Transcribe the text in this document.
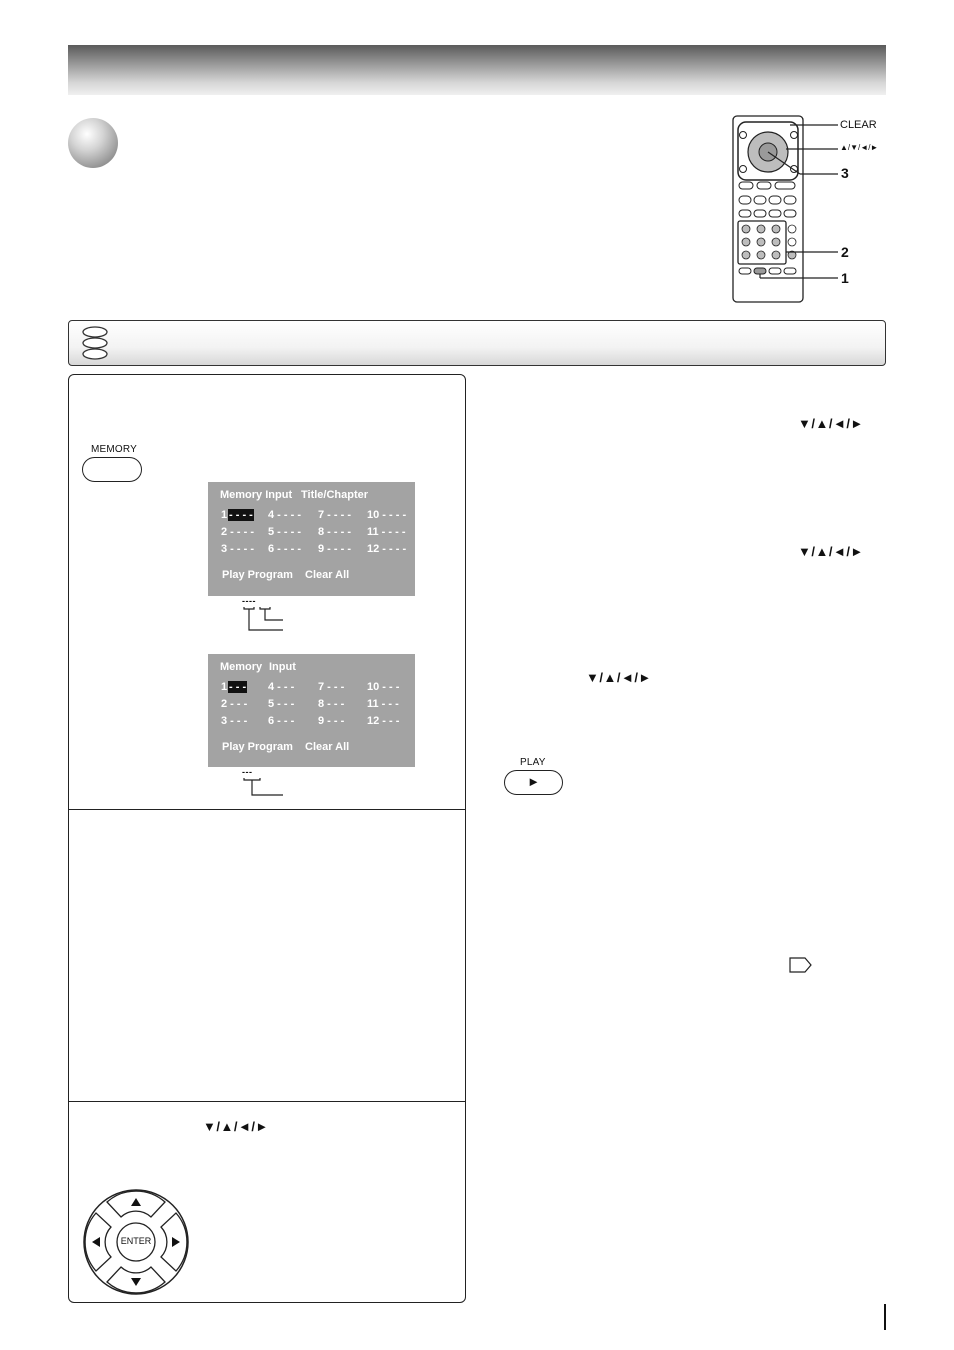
CLEAR
▲/▼/◄/►
3
2
1
MEMORY
Memory Input Title/Chapter
1 - - - - 4 - - - - 7 - - - - 10 - - - -
2 - - - - 5 - - - - 8 - - - - 11 - - - -
3 - - - - 6 - - - - 9 - - - - 12 - - - -
Play Program Clear All
- - - -
Memory Input
1 - - - 4 - - - 7 - - - 10 - - -
2 - - - 5 - - - 8 - - - 11 - - -
3 - - - 6 - - - 9 - - - 12 - - -
Play Program Clear All
- - -
▼/▲/◄/►
ENTER
▼/▲/◄/►
▼/▲/◄/►
▼/▲/◄/►
PLAY
►
